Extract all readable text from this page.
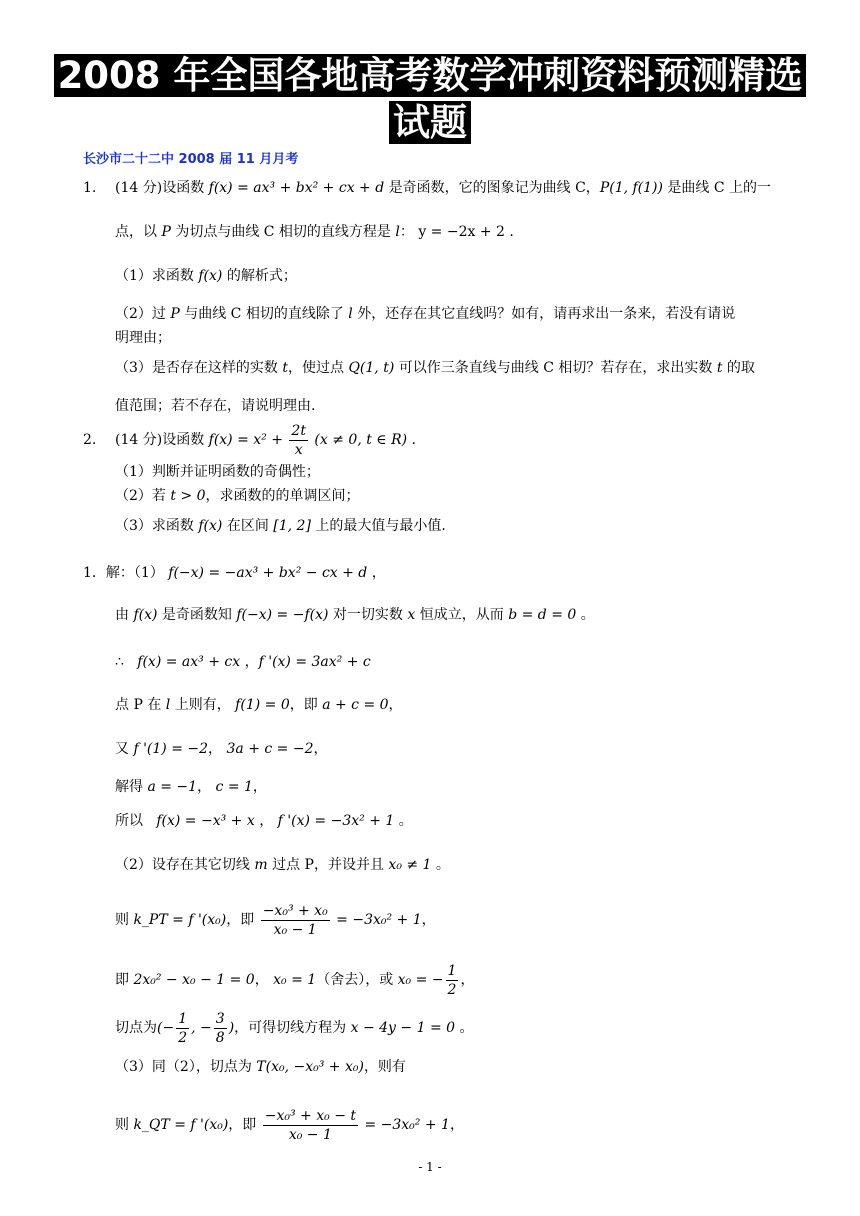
2008 年全国各地高考数学冲刺资料预测精选
试题
长沙市二十二中 2008 届 11 月月考
1. (14 分)设函数 f(x) = ax³ + bx² + cx + d 是奇函数，它的图象记为曲线 C，P(1, f(1)) 是曲线 C 上的一
点，以 P 为切点与曲线 C 相切的直线方程是 l： y = −2x + 2 .
（1）求函数 f(x) 的解析式；
（2）过 P 与曲线 C 相切的直线除了 l 外，还存在其它直线吗？如有，请再求出一条来，若没有请说
明理由；
（3）是否存在这样的实数 t，使过点 Q(1, t) 可以作三条直线与曲线 C 相切？若存在，求出实数 t 的取
值范围；若不存在，请说明理由.
2. (14 分)设函数 $f(x) = x^2 + \frac{2t}{x} (x \ne 0$, t ∈ R) .
（1）判断并证明函数的奇偶性；
（2）若 t > 0，求函数的的单调区间；
（3）求函数 f(x) 在区间 [1, 2] 上的最大值与最小值.
1．解：（1） f(−x) = −ax³ + bx² − cx + d ，
由 f(x) 是奇函数知 f(−x) = −f(x) 对一切实数 x 恒成立，从而 b = d = 0 。
∴ f(x) = ax³ + cx ，f '(x) = 3ax² + c
点 P 在 l 上则有， f(1) = 0，即 a + c = 0，
又 f '(1) = −2， 3a + c = −2，
解得 a = −1， c = 1，
所以 f(x) = −x³ + x ， f '(x) = −3x² + 1 。
（2）设存在其它切线 m 过点 P，并设并且 x₀ ≠ 1 。
则 k_PT = f '(x₀)，即 $\frac{\text{−x₀³ + x₀}}{\text{x₀ − 1}} = -3x_0^2 + 1$，
即 2x₀² − x₀ − 1 = 0， x₀ = 1（舍去），或 x₀ = − $\frac{1}{2}$ ，
切点为(− $\frac{1}{2}$ , − $\frac{3}{8}$ )，可得切线方程为 x − 4y − 1 = 0 。
（3）同（2），切点为 T(x₀, −x₀³ + x₀)，则有
则 k_QT = f '(x₀)，即 $\frac{\text{−x₀³ + x₀ − t}}{\text{x₀ − 1}} = -3x_0^2 + 1$，
- 1 -
